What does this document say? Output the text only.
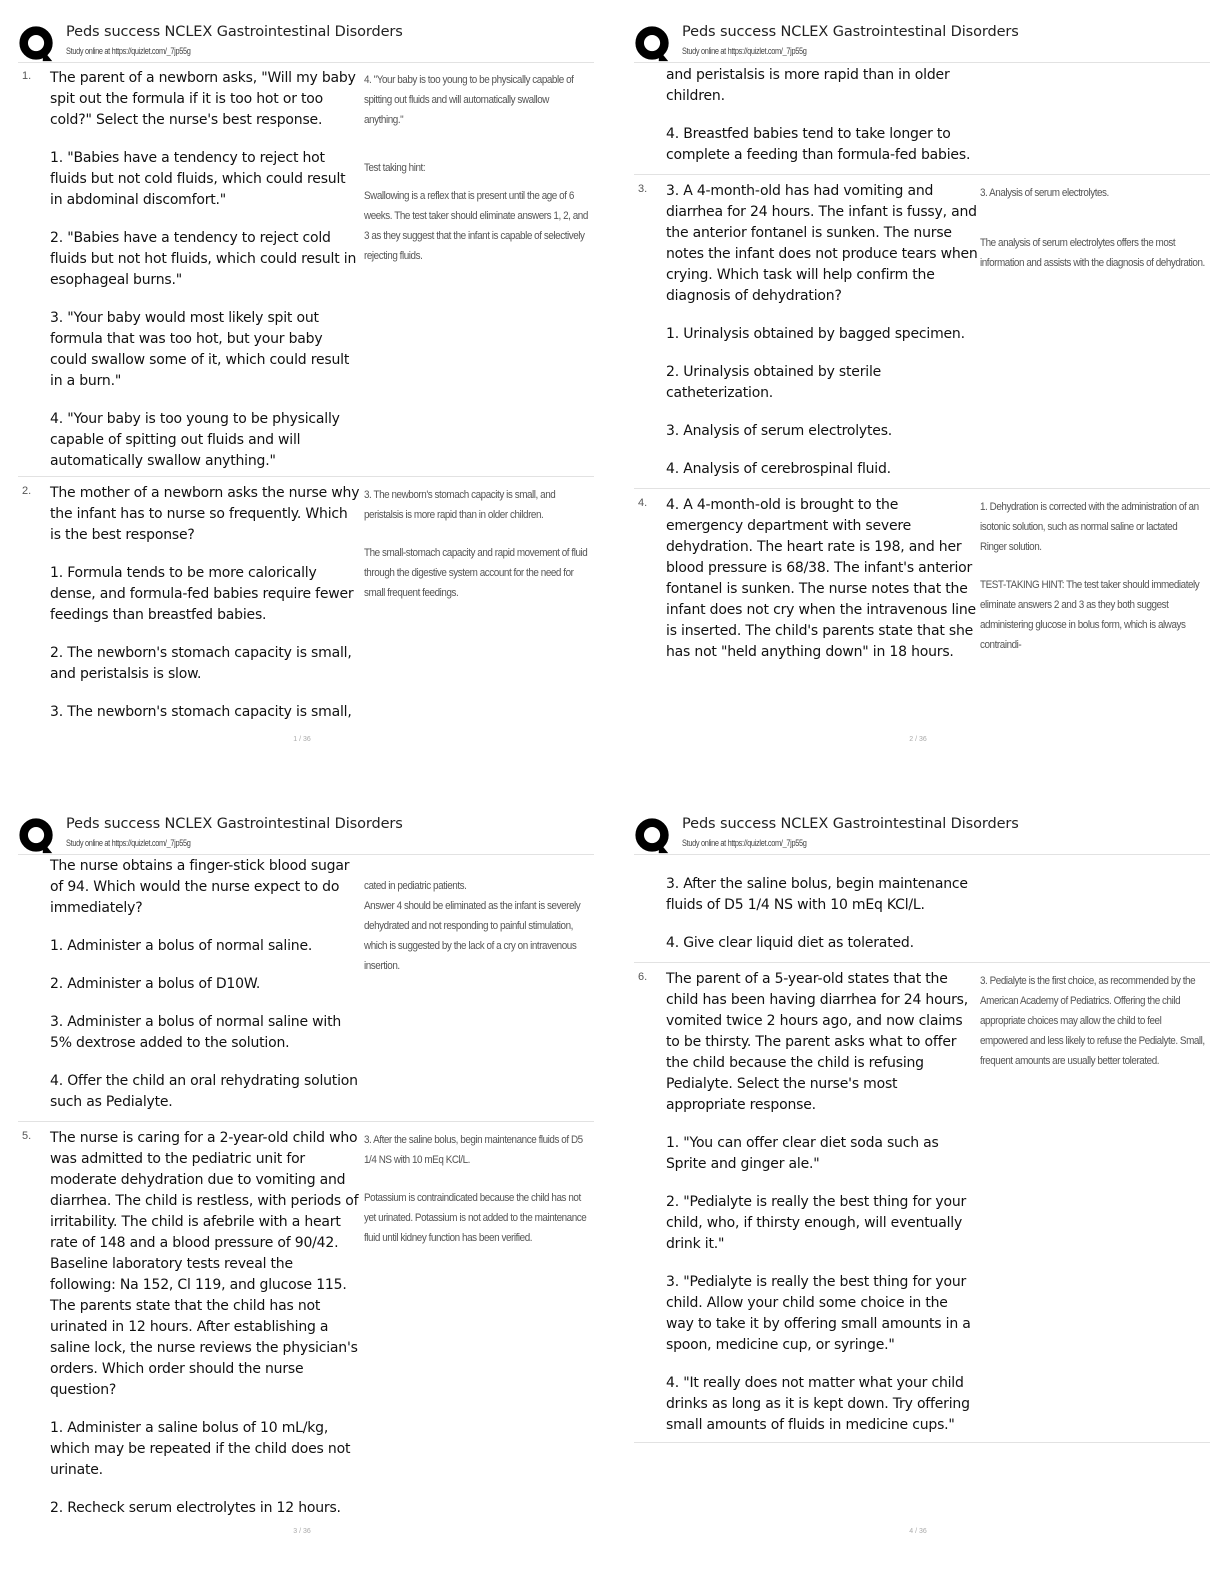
Peds success NCLEX Gastrointestinal Disorders
Study online at https://quizlet.com/_7jp55g
1. The parent of a newborn asks, "Will my baby spit out the formula if it is too hot or too cold?" Select the nurse's best response.
1. "Babies have a tendency to reject hot fluids but not cold fluids, which could result in abdominal discomfort."
2. "Babies have a tendency to reject cold fluids but not hot fluids, which could result in esophageal burns."
3. "Your baby would most likely spit out formula that was too hot, but your baby could swallow some of it, which could result in a burn."
4. "Your baby is too young to be physically capable of spitting out fluids and will automatically swallow anything."
4. "Your baby is too young to be physically capable of spitting out fluids and will automatically swallow anything."
Test taking hint:
Swallowing is a reflex that is present until the age of 6 weeks. The test taker should eliminate answers 1, 2, and 3 as they suggest that the infant is capable of selectively rejecting fluids.
2. The mother of a newborn asks the nurse why the infant has to nurse so frequently. Which is the best response?
1. Formula tends to be more calorically dense, and formula-fed babies require fewer feedings than breastfed babies.
2. The newborn's stomach capacity is small, and peristalsis is slow.
3. The newborn's stomach capacity is small,
3. The newborn's stomach capacity is small, and peristalsis is more rapid than in older children.
The small-stomach capacity and rapid movement of fluid through the digestive system account for the need for small frequent feedings.
1 / 36
Peds success NCLEX Gastrointestinal Disorders
Study online at https://quizlet.com/_7jp55g
and peristalsis is more rapid than in older children.
4. Breastfed babies tend to take longer to complete a feeding than formula-fed babies.
3. 3. A 4-month-old has had vomiting and diarrhea for 24 hours. The infant is fussy, and the anterior fontanel is sunken. The nurse notes the infant does not produce tears when crying. Which task will help confirm the diagnosis of dehydration?
1. Urinalysis obtained by bagged specimen.
2. Urinalysis obtained by sterile catheterization.
3. Analysis of serum electrolytes.
4. Analysis of cerebrospinal fluid.
3. Analysis of serum electrolytes.
The analysis of serum electrolytes offers the most information and assists with the diagnosis of dehydration.
4. 4. A 4-month-old is brought to the emergency department with severe dehydration. The heart rate is 198, and her blood pressure is 68/38. The infant's anterior fontanel is sunken. The nurse notes that the infant does not cry when the intravenous line is inserted. The child's parents state that she has not "held anything down" in 18 hours.
1. Dehydration is corrected with the administration of an isotonic solution, such as normal saline or lactated Ringer solution.
TEST-TAKING HINT: The test taker should immediately eliminate answers 2 and 3 as they both suggest administering glucose in bolus form, which is always contraindi-
2 / 36
Peds success NCLEX Gastrointestinal Disorders
Study online at https://quizlet.com/_7jp55g
The nurse obtains a finger-stick blood sugar of 94. Which would the nurse expect to do immediately?
1. Administer a bolus of normal saline.
2. Administer a bolus of D10W.
3. Administer a bolus of normal saline with 5% dextrose added to the solution.
4. Offer the child an oral rehydrating solution such as Pedialyte.

cated in pediatric patients.
Answer 4 should be eliminated as the infant is severely dehydrated and not responding to painful stimulation, which is suggested by the lack of a cry on intravenous insertion.

5. The nurse is caring for a 2-year-old child who was admitted to the pediatric unit for moderate dehydration due to vomiting and diarrhea. The child is restless, with periods of irritability. The child is afebrile with a heart rate of 148 and a blood pressure of 90/42. Baseline laboratory tests reveal the following: Na 152, Cl 119, and glucose 115. The parents state that the child has not urinated in 12 hours. After establishing a saline lock, the nurse reviews the physician's orders. Which order should the nurse question?
1. Administer a saline bolus of 10 mL/kg, which may be repeated if the child does not urinate.
2. Recheck serum electrolytes in 12 hours.
3. After the saline bolus, begin maintenance fluids of D5 1/4 NS with 10 mEq KCl/L.
Potassium is contraindicated because the child has not yet urinated. Potassium is not added to the maintenance fluid until kidney function has been verified.
3 / 36
Peds success NCLEX Gastrointestinal Disorders
Study online at https://quizlet.com/_7jp55g
3. After the saline bolus, begin maintenance fluids of D5 1/4 NS with 10 mEq KCl/L.
4. Give clear liquid diet as tolerated.
6. The parent of a 5-year-old states that the child has been having diarrhea for 24 hours, vomited twice 2 hours ago, and now claims to be thirsty. The parent asks what to offer the child because the child is refusing Pedialyte. Select the nurse's most appropriate response.
1. "You can offer clear diet soda such as Sprite and ginger ale."
2. "Pedialyte is really the best thing for your child, who, if thirsty enough, will eventually drink it."
3. "Pedialyte is really the best thing for your child. Allow your child some choice in the way to take it by offering small amounts in a spoon, medicine cup, or syringe."
4. "It really does not matter what your child drinks as long as it is kept down. Try offering small amounts of fluids in medicine cups."
3. Pedialyte is the first choice, as recommended by the American Academy of Pediatrics. Offering the child appropriate choices may allow the child to feel empowered and less likely to refuse the Pedialyte. Small, frequent amounts are usually better tolerated.
4 / 36
